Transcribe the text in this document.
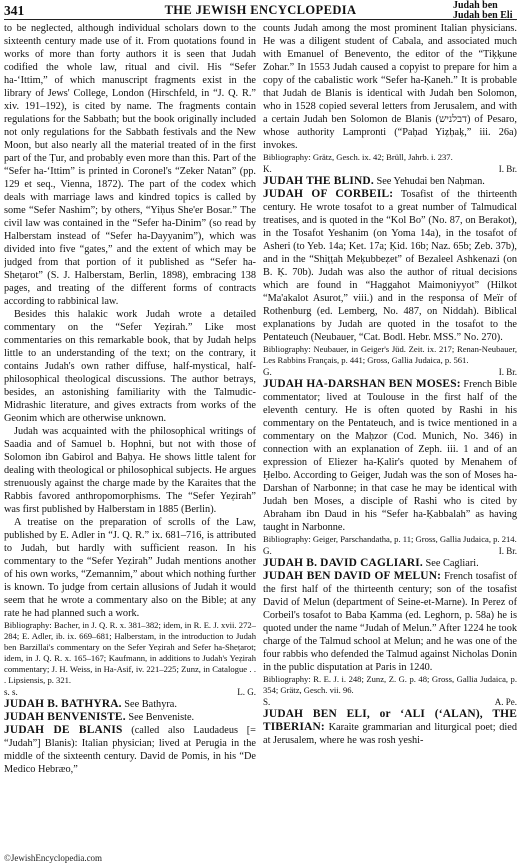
341	THE JEWISH ENCYCLOPEDIA	Judah ben
Judah ben Eli

to be neglected, although individual scholars down to the sixteenth century made use of it. From quotations found in works of more than forty authors it is seen that Judah codified the whole law, ritual and civil. His “Sefer ha-‘Ittim,” of which manuscript fragments exist in the library of Jews' College, London (Hirschfeld, in “J. Q. R.” xiv. 191–192), is cited by name. The fragments contain regulations for the Sabbath; but the book originally included not only regulations for the Sabbath festivals and the New Moon, but also nearly all the material treated of in the first part of the Ṭur, and probably even more than this. Part of the “Sefer ha-‘Ittim” is printed in Coronel's “Zeker Natan” (pp. 129 et seq., Vienna, 1872). The part of the codex which deals with marriage laws and kindred topics is called by some “Sefer Nashim”; by others, “Yiḥus She'er Bosar.” The civil law was contained in the “Sefer ha-Dinim” (so read by Halberstam instead of “Sefer ha-Dayyanim”), which was divided into five “gates,” and the extent of which may be judged from that portion of it published as “Sefer ha-Sheṭarot” (S. J. Halberstam, Berlin, 1898), embracing 138 pages, and treating of the different forms of contracts according to rabbinical law.

Besides this halakic work Judah wrote a detailed commentary on the “Sefer Yeẓirah.” Like most commentaries on this remarkable book, that by Judah helps little to an understanding of the text; on the contrary, it contains Judah's own rather diffuse, half-mystical, half-philosophical theological discussions. The author betrays, besides, an astonishing familiarity with the Talmudic-Midrashic literature, and gives extracts from works of the Geonim which are otherwise unknown.

Judah was acquainted with the philosophical writings of Saadia and of Samuel b. Hophni, but not with those of Solomon ibn Gabirol and Baḥya. He shows little talent for dealing with theological or philosophical subjects. He argues strenuously against the charge made by the Karaites that the Rabbis favored anthropomorphisms. The “Sefer Yeẓirah” was first published by Halberstam in 1885 (Berlin).

A treatise on the preparation of scrolls of the Law, published by E. Adler in “J. Q. R.” ix. 681–716, is attributed to Judah, but hardly with sufficient reason. In his commentary to the “Sefer Yeẓirah” Judah mentions another of his own works, “Zemannim,” about which nothing further is known. To judge from certain allusions of Judah it would seem that he wrote a commentary also on the Bible; at any rate he had planned such a work.

Bibliography: Bacher, in J. Q. R. x. 381–382; idem, in R. E. J. xvii. 272–284; E. Adler, ib. ix. 669–681; Halberstam, in the introduction to Judah ben Barzillai's commentary on the Sefer Yeẓirah and Sefer ha-Sheṭarot; idem, in J. Q. R. x. 165–167; Kaufmann, in additions to Judah's Yeẓirah commentary; J. H. Weiss, in Ha-Asif, iv. 221–225; Zunz, in Catalogue . . . Lipsiensis, p. 321.

s. s.	L. G.

JUDAH B. BATHYRA. See Bathyra.

JUDAH BENVENISTE. See Benveniste.

JUDAH DE BLANIS (called also Laudadeus [= “Judah”] Blanis): Italian physician; lived at Perugia in the middle of the sixteenth century. David de Pomis, in his “De Medico Hebræo,”

counts Judah among the most prominent Italian physicians. He was a diligent student of Cabala, and associated much with Emanuel of Benevento, the editor of the “Tiḳḳune Zohar.” In 1553 Judah caused a copyist to prepare for him a copy of the cabalistic work “Sefer ha-Ḳaneh.” It is probable that Judah de Blanis is identical with Judah ben Solomon, who in 1528 copied several letters from Jerusalem, and with a certain Judah ben Solomon de Blanis (דבלניש) of Pesaro, whose authority Lampronti (“Paḥad Yiẓḥaḳ,” iii. 26a) invokes.

Bibliography: Grätz, Gesch. ix. 42; Brüll, Jahrb. i. 237.

K.	I. Br.

JUDAH THE BLIND. See Yehudai ben Naḥman.

JUDAH OF CORBEIL: Tosafist of the thirteenth century. He wrote tosafot to a great number of Talmudical treatises, and is quoted in the “Kol Bo” (No. 87, on Berakot), in the Tosafot Yeshanim (on Yoma 14a), in the tosafot of Asheri (to Yeb. 14a; Ket. 17a; Ḳid. 16b; Naz. 65b; Zeb. 37b), and in the “Shiṭṭah Meḳubbeẓet” of Bezaleel Ashkenazi (on B. Ḳ. 70b). Judah was also the author of ritual decisions which are found in “Haggahot Maimoniyyot” (Hilkot “Ma'akalot Asurot,” viii.) and in the responsa of Meïr of Rothenburg (ed. Lemberg, No. 487, on Niddah). Biblical explanations by Judah are quoted in the tosafot to the Pentateuch (Neubauer, “Cat. Bodl. Hebr. MSS.” No. 270).

Bibliography: Neubauer, in Geiger's Jüd. Zeit. ix. 217; Renan-Neubauer, Les Rabbins Français, p. 441; Gross, Gallia Judaica, p. 561.

G.	I. Br.

JUDAH HA-DARSHAN BEN MOSES: French Bible commentator; lived at Toulouse in the first half of the eleventh century. He is often quoted by Rashi in his commentary on the Pentateuch, and is twice mentioned in a commentary on the Maḥzor (Cod. Munich, No. 346) in connection with an explanation of Zeph. iii. 1 and of an expression of Eliezer ha-Ḳalir's quoted by Menahem of Ḥelbo. According to Geiger, Judah was the son of Moses ha-Darshan of Narbonne; in that case he may be identical with Judah ben Moses, a disciple of Rashi who is cited by Abraham ibn Daud in his “Sefer ha-Ḳabbalah” as having taught in Narbonne.

Bibliography: Geiger, Parschandatha, p. 11; Gross, Gallia Judaica, p. 214.

G.	I. Br.

JUDAH B. DAVID CAGLIARI. See Cagliari.

JUDAH BEN DAVID OF MELUN: French tosafist of the first half of the thirteenth century; son of the tosafist David of Melun (department of Seine-et-Marne). In Perez of Corbeil's tosafot to Baba Ḳamma (ed. Leghorn, p. 58a) he is quoted under the name “Judah of Melun.” After 1224 he took charge of the Talmud school at Melun; and he was one of the four rabbis who defended the Talmud against Nicholas Donin in the public disputation at Paris in 1240.

Bibliography: R. E. J. i. 248; Zunz, Z. G. p. 48; Gross, Gallia Judaica, p. 354; Grätz, Gesch. vii. 96.

S.	A. Pe.

JUDAH BEN ELI, or ‘ALI (‘ALAN), THE TIBERIAN: Karaite grammarian and liturgical poet; died at Jerusalem, where he was rosh yeshi-

©JewishEncyclopedia.com
